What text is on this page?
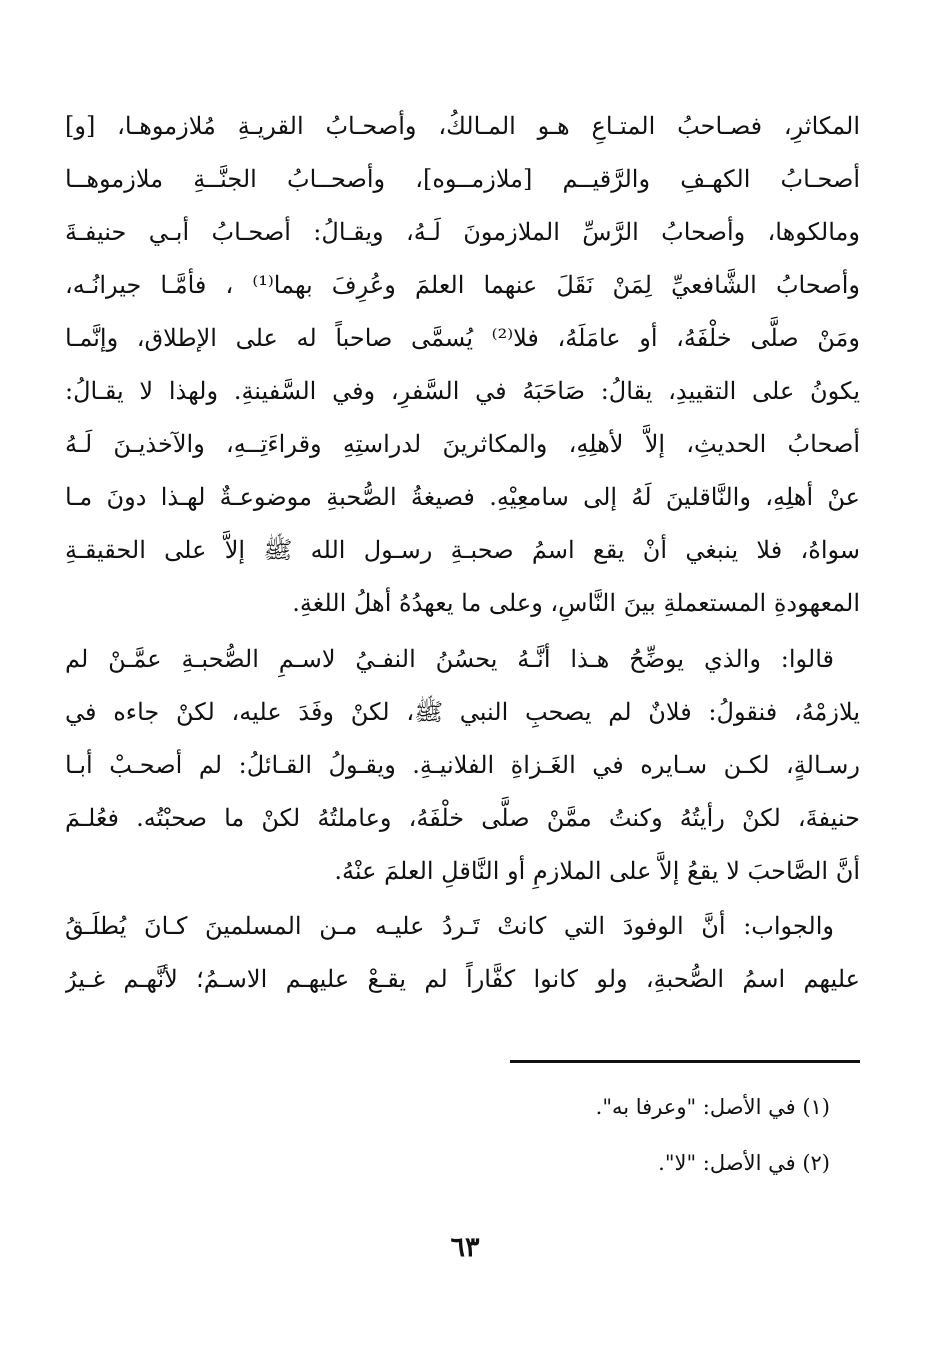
المكاثرِ، فصـاحبُ المتـاعِ هـو المـالكُ، وأصحـابُ القريـةِ مُلازموهـا، [و]
أصحـابُ الكهـفِ والرَّقيــم [ملازمــوه]، وأصحــابُ الجنَّــةِ ملازموهــا
ومالكوها، وأصحابُ الرَّسِّ الملازمونَ لَـهُ، ويقـالُ: أصحـابُ أبـي حنيفـةَ
وأصحابُ الشَّافعيِّ لِمَنْ نَقَلَ عنهما العلمَ وعُرِفَ بهما⁽¹⁾ ، فأمَّـا جيرانُـه،
ومَنْ صلَّى خلْفَهُ، أو عامَلَهُ، فلا⁽²⁾ يُسمَّى صاحباً له على الإطلاق، وإنَّمـا
يكونُ على التقييدِ، يقالُ: صَاحَبَهُ في السَّفرِ، وفي السَّفينةِ. ولهذا لا يقـالُ:
أصحابُ الحديثِ، إلاَّ لأهلِهِ، والمكاثرينَ لدراستِهِ وقراءَتِــهِ، والآخذيـنَ لَـهُ
عنْ أهلِهِ، والنَّاقلينَ لَهُ إلى سامعِيْهِ. فصيغةُ الصُّحبةِ موضوعـةٌ لهـذا دونَ مـا
سواهُ، فلا ينبغي أنْ يقع اسمُ صحبـةِ رسـول الله ﷺ إلاَّ على الحقيقـةِ
المعهودةِ المستعملةِ بينَ النَّاسِ، وعلى ما يعهدُهُ أهلُ اللغةِ.
قالوا: والذي يوضِّحُ هـذا أنَّـهُ يحسُنُ النفـيُ لاسـمِ الصُّحبـةِ عمَّـنْ لم
يلازمْهُ، فنقولُ: فلانٌ لم يصحبِ النبي ﷺ، لكنْ وفَدَ عليه، لكنْ جاءه في
رسـالةٍ، لكـن سـايره في الغَـزاةِ الفلانيـةِ. ويقـولُ القـائلُ: لم أصحـبْ أبـا
حنيفةَ، لكنْ رأيتُهُ وكنتُ ممَّنْ صلَّى خلْفَهُ، وعاملتُهُ لكنْ ما صحبْتُه. فعُلـمَ
أنَّ الصَّاحبَ لا يقعُ إلاَّ على الملازمِ أو النَّاقلِ العلمَ عنْهُ.
والجواب: أنَّ الوفودَ التي كانتْ تَـردُ عليـه مـن المسلمينَ كـانَ يُطلَـقُ
عليهم اسمُ الصُّحبةِ، ولو كانوا كفَّاراً لم يقـعْ عليهـم الاسـمُ؛ لأنَّهـم غـيرُ
(١) في الأصل: "وعرفا به".
(٢) في الأصل: "لا".
٦٣
